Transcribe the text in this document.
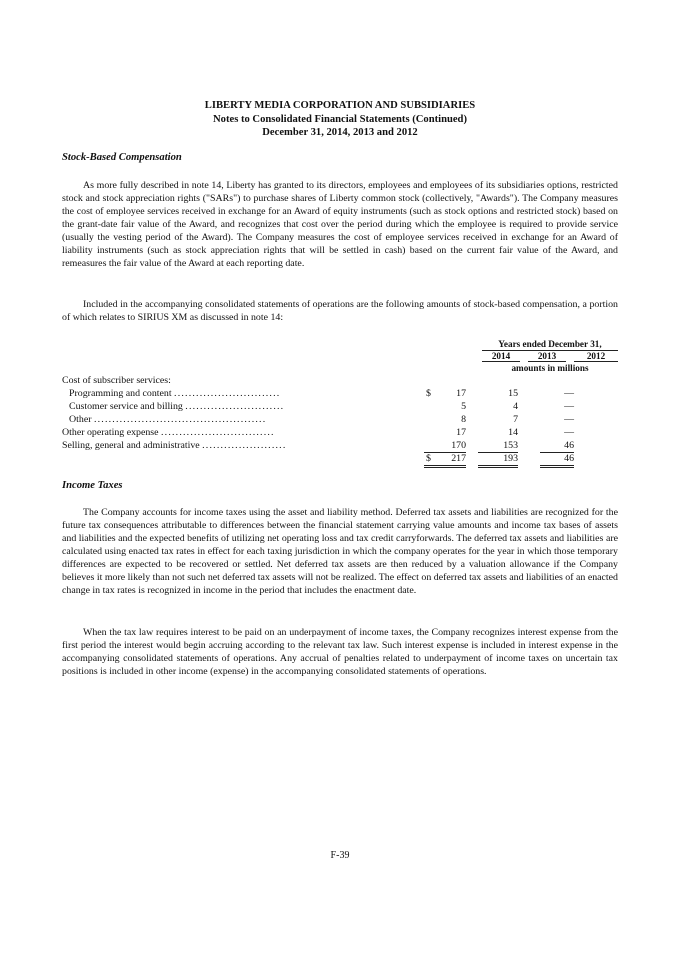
LIBERTY MEDIA CORPORATION AND SUBSIDIARIES
Notes to Consolidated Financial Statements (Continued)
December 31, 2014, 2013 and 2012
Stock-Based Compensation
As more fully described in note 14, Liberty has granted to its directors, employees and employees of its subsidiaries options, restricted stock and stock appreciation rights ("SARs") to purchase shares of Liberty common stock (collectively, "Awards"). The Company measures the cost of employee services received in exchange for an Award of equity instruments (such as stock options and restricted stock) based on the grant-date fair value of the Award, and recognizes that cost over the period during which the employee is required to provide service (usually the vesting period of the Award). The Company measures the cost of employee services received in exchange for an Award of liability instruments (such as stock appreciation rights that will be settled in cash) based on the current fair value of the Award, and remeasures the fair value of the Award at each reporting date.
Included in the accompanying consolidated statements of operations are the following amounts of stock-based compensation, a portion of which relates to SIRIUS XM as discussed in note 14:
Years ended December 31,
2014	2013	2012
amounts in millions
Cost of subscriber services:
Programming and content .............................	$	17	15	—
Customer service and billing ...........................	5	4	—
Other ...............................................	8	7	—
Other operating expense ...............................	17	14	—
Selling, general and administrative .......................	170	153	46
$	217	193	46
Income Taxes
The Company accounts for income taxes using the asset and liability method. Deferred tax assets and liabilities are recognized for the future tax consequences attributable to differences between the financial statement carrying value amounts and income tax bases of assets and liabilities and the expected benefits of utilizing net operating loss and tax credit carryforwards. The deferred tax assets and liabilities are calculated using enacted tax rates in effect for each taxing jurisdiction in which the company operates for the year in which those temporary differences are expected to be recovered or settled. Net deferred tax assets are then reduced by a valuation allowance if the Company believes it more likely than not such net deferred tax assets will not be realized. The effect on deferred tax assets and liabilities of an enacted change in tax rates is recognized in income in the period that includes the enactment date.
When the tax law requires interest to be paid on an underpayment of income taxes, the Company recognizes interest expense from the first period the interest would begin accruing according to the relevant tax law. Such interest expense is included in interest expense in the accompanying consolidated statements of operations. Any accrual of penalties related to underpayment of income taxes on uncertain tax positions is included in other income (expense) in the accompanying consolidated statements of operations.
F-39
